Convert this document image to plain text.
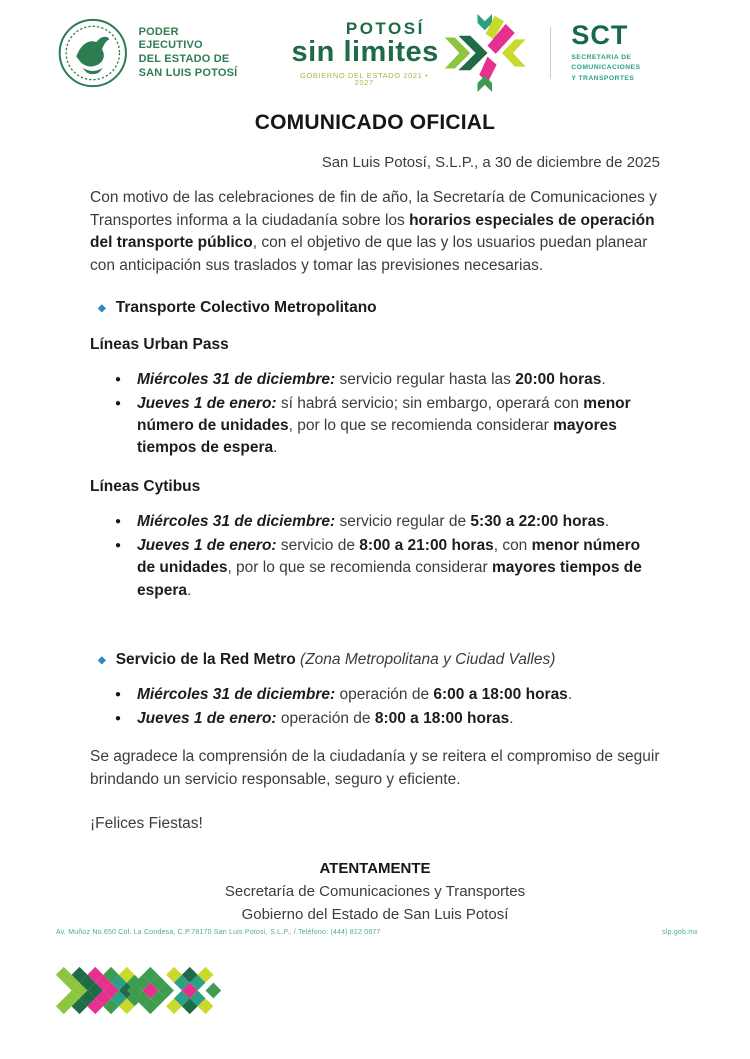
PODER EJECUTIVO
DEL ESTADO DE
SAN LUIS POTOSÍ
POTOSÍ
sin limites
GOBIERNO DEL ESTADO 2021 • 2027
SCT
SECRETARIA DE COMUNICACIONES
Y TRANSPORTES
COMUNICADO OFICIAL
San Luis Potosí, S.L.P., a 30 de diciembre de 2025

Con motivo de las celebraciones de fin de año, la Secretaría de Comunicaciones y Transportes informa a la ciudadanía sobre los horarios especiales de operación del transporte público, con el objetivo de que las y los usuarios puedan planear con anticipación sus traslados y tomar las previsiones necesarias.

◆ Transporte Colectivo Metropolitano
Líneas Urban Pass
●	Miércoles 31 de diciembre: servicio regular hasta las 20:00 horas.
●	Jueves 1 de enero: sí habrá servicio; sin embargo, operará con menor número de unidades, por lo que se recomienda considerar mayores tiempos de espera.
Líneas Cytibus
●	Miércoles 31 de diciembre: servicio regular de 5:30 a 22:00 horas.
●	Jueves 1 de enero: servicio de 8:00 a 21:00 horas, con menor número de unidades, por lo que se recomienda considerar mayores tiempos de espera.
◆ Servicio de la Red Metro (Zona Metropolitana y Ciudad Valles)
●	Miércoles 31 de diciembre: operación de 6:00 a 18:00 horas.
●	Jueves 1 de enero: operación de 8:00 a 18:00 horas.

Se agradece la comprensión de la ciudadanía y se reitera el compromiso de seguir brindando un servicio responsable, seguro y eficiente.

¡Felices Fiestas!

ATENTAMENTE
Secretaría de Comunicaciones y Transportes
Gobierno del Estado de San Luis Potosí
Av. Muñoz No.650 Col. La Condesa, C.P.78170 San Luis Potosí, S.L.P., / Teléfono: (444) 812 0677	slp.gob.mx
